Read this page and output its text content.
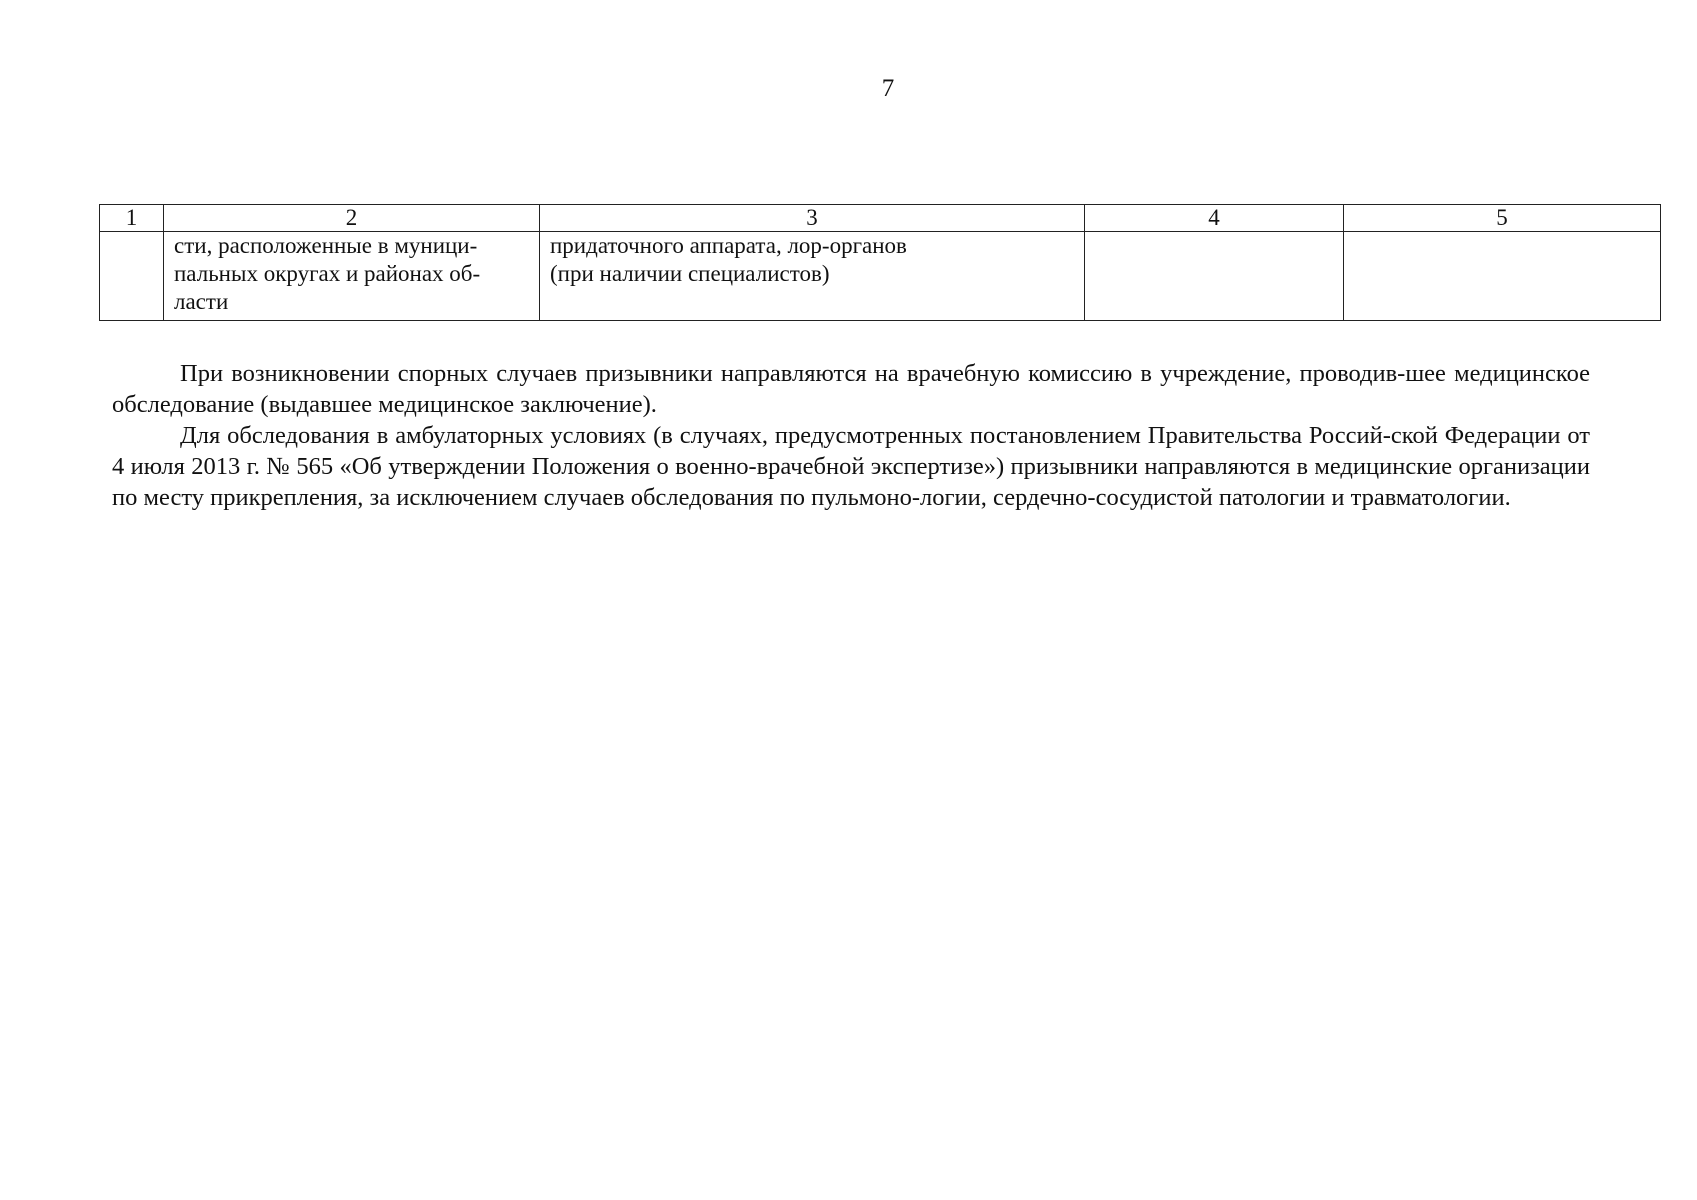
7
1	2	3	4	5
	сти, расположенные в муници-
пальных округах и районах об-
ласти	придаточного аппарата, лор-органов
(при наличии специалистов)		

При возникновении спорных случаев призывники направляются на врачебную комиссию в учреждение, проводив-шее медицинское обследование (выдавшее медицинское заключение).

Для обследования в амбулаторных условиях (в случаях, предусмотренных постановлением Правительства Россий-ской Федерации от 4 июля 2013 г. № 565 «Об утверждении Положения о военно-врачебной экспертизе») призывники направляются в медицинские организации по месту прикрепления, за исключением случаев обследования по пульмоно-логии, сердечно-сосудистой патологии и травматологии.
